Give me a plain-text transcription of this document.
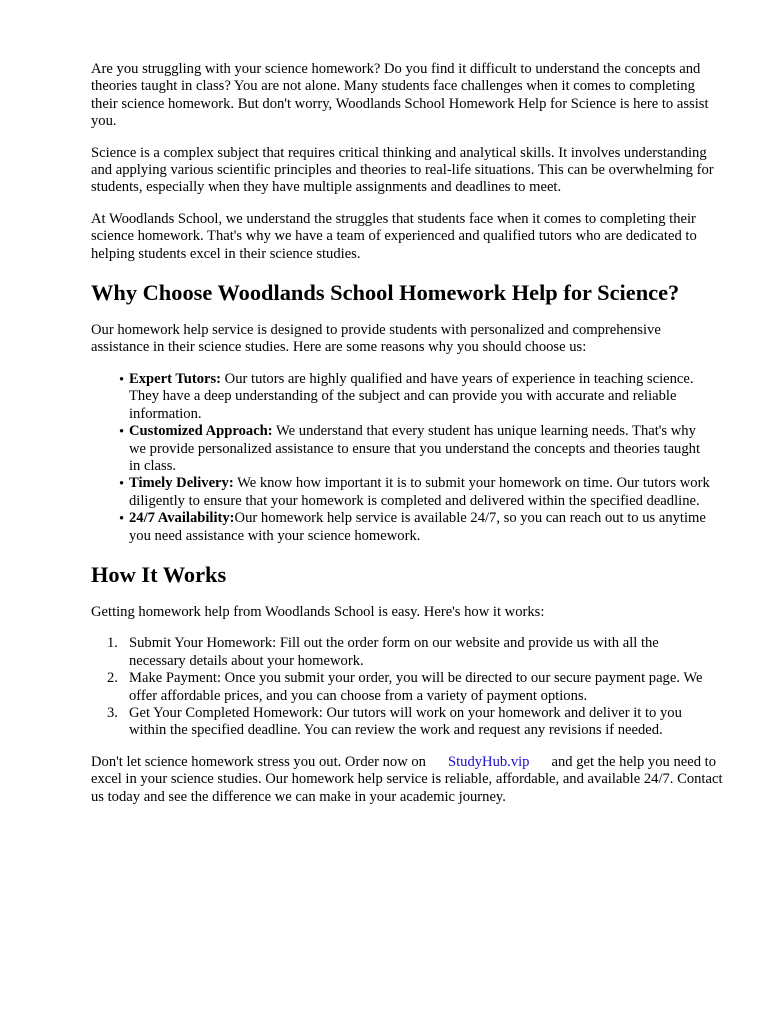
Are you struggling with your science homework? Do you find it difficult to understand the concepts and theories taught in class? You are not alone. Many students face challenges when it comes to completing their science homework. But don't worry, Woodlands School Homework Help for Science is here to assist you.

Science is a complex subject that requires critical thinking and analytical skills. It involves understanding and applying various scientific principles and theories to real-life situations. This can be overwhelming for students, especially when they have multiple assignments and deadlines to meet.

At Woodlands School, we understand the struggles that students face when it comes to completing their science homework. That's why we have a team of experienced and qualified tutors who are dedicated to helping students excel in their science studies.

Why Choose Woodlands School Homework Help for Science?

Our homework help service is designed to provide students with personalized and comprehensive assistance in their science studies. Here are some reasons why you should choose us:

• Expert Tutors: Our tutors are highly qualified and have years of experience in teaching science. They have a deep understanding of the subject and can provide you with accurate and reliable information.
• Customized Approach: We understand that every student has unique learning needs. That's why we provide personalized assistance to ensure that you understand the concepts and theories taught in class.
• Timely Delivery: We know how important it is to submit your homework on time. Our tutors work diligently to ensure that your homework is completed and delivered within the specified deadline.
• 24/7 Availability:Our homework help service is available 24/7, so you can reach out to us anytime you need assistance with your science homework.
How It Works

Getting homework help from Woodlands School is easy. Here's how it works:

1. Submit Your Homework: Fill out the order form on our website and provide us with all the necessary details about your homework.
2. Make Payment: Once you submit your order, you will be directed to our secure payment page. We offer affordable prices, and you can choose from a variety of payment options.
3. Get Your Completed Homework: Our tutors will work on your homework and deliver it to you within the specified deadline. You can review the work and request any revisions if needed.

Don't let science homework stress you out. Order now on StudyHub.vip and get the help you need to excel in your science studies. Our homework help service is reliable, affordable, and available 24/7. Contact us today and see the difference we can make in your academic journey.
